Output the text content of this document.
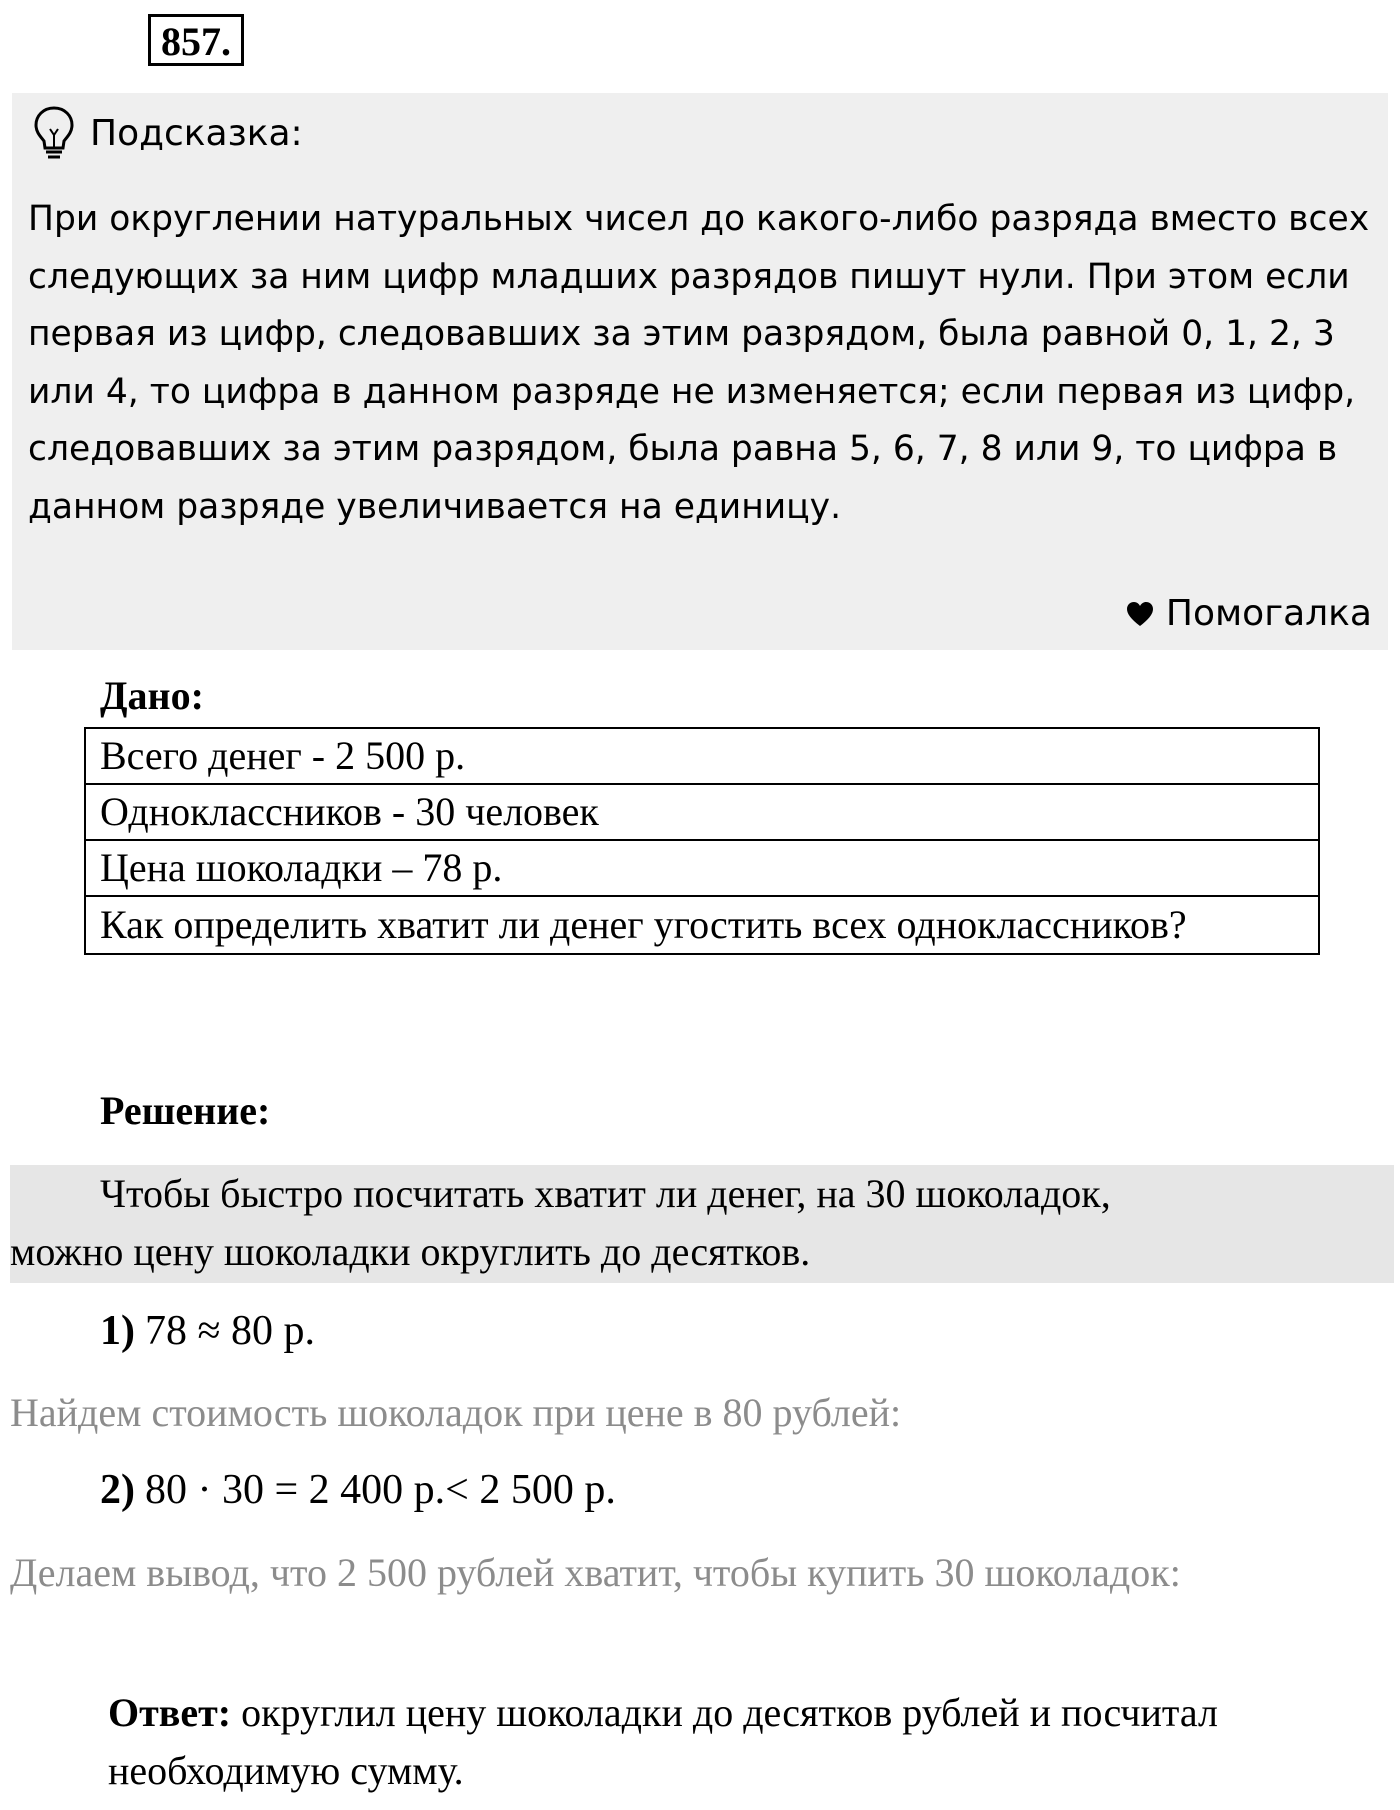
857.
Подсказка:

При округлении натуральных чисел до какого-либо разряда вместо всех следующих за ним цифр младших разрядов пишут нули. При этом если первая из цифр, следовавших за этим разрядом, была равной 0, 1, 2, 3 или 4, то цифра в данном разряде не изменяется; если первая из цифр, следовавших за этим разрядом, была равна 5, 6, 7, 8 или 9, то цифра в данном разряде увеличивается на единицу.

Помогалка

Дано:

Всего денег - 2 500 р.
Одноклассников - 30 человек
Цена шоколадки – 78 р.
Как определить хватит ли денег угостить всех одноклассников?

Решение:

Чтобы быстро посчитать хватит ли денег, на 30 шоколадок,
можно цену шоколадки округлить до десятков.

1) 78 ≈ 80 р.

Найдем стоимость шоколадок при цене в 80 рублей:

2) 80 · 30 = 2 400 р.< 2 500 р.

Делаем вывод, что 2 500 рублей хватит, чтобы купить 30 шоколадок:

Ответ: округлил цену шоколадки до десятков рублей и посчитал необходимую сумму.
